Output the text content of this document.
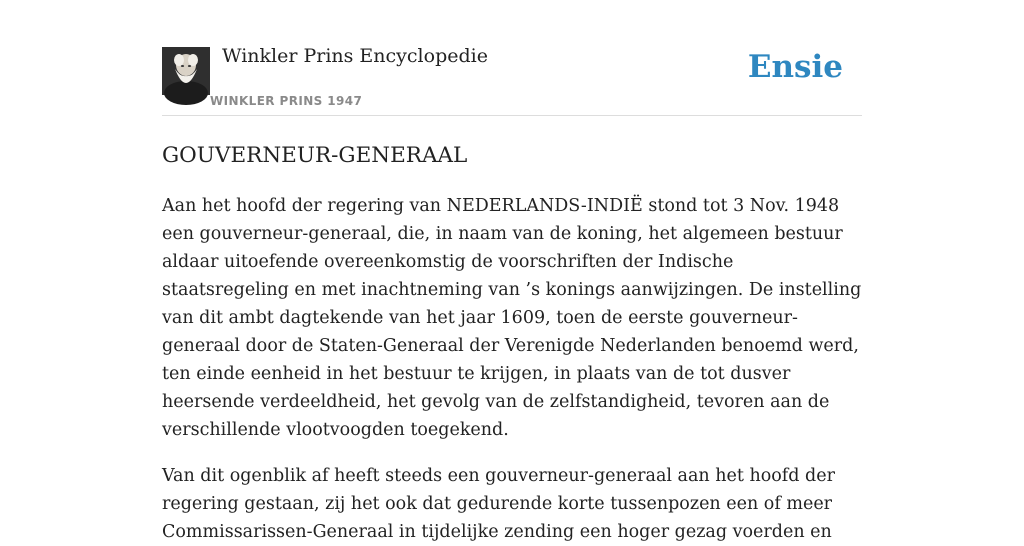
Winkler Prins Encyclopedie
WINKLER PRINS 1947
Ensie
GOUVERNEUR-GENERAAL

Aan het hoofd der regering van NEDERLANDS-INDIË stond tot 3 Nov. 1948 een gouverneur-generaal, die, in naam van de koning, het algemeen bestuur aldaar uitoefende overeenkomstig de voorschriften der Indische staatsregeling en met inachtneming van ’s konings aanwijzingen. De instelling van dit ambt dagtekende van het jaar 1609, toen de eerste gouverneur-generaal door de Staten-Generaal der Verenigde Nederlanden benoemd werd, ten einde eenheid in het bestuur te krijgen, in plaats van de tot dusver heersende verdeeldheid, het gevolg van de zelfstandigheid, tevoren aan de verschillende vlootvoogden toegekend.

Van dit ogenblik af heeft steeds een gouverneur-generaal aan het hoofd der regering gestaan, zij het ook dat gedurende korte tussenpozen een of meer Commissarissen-Generaal in tijdelijke zending een hoger gezag voerden en
